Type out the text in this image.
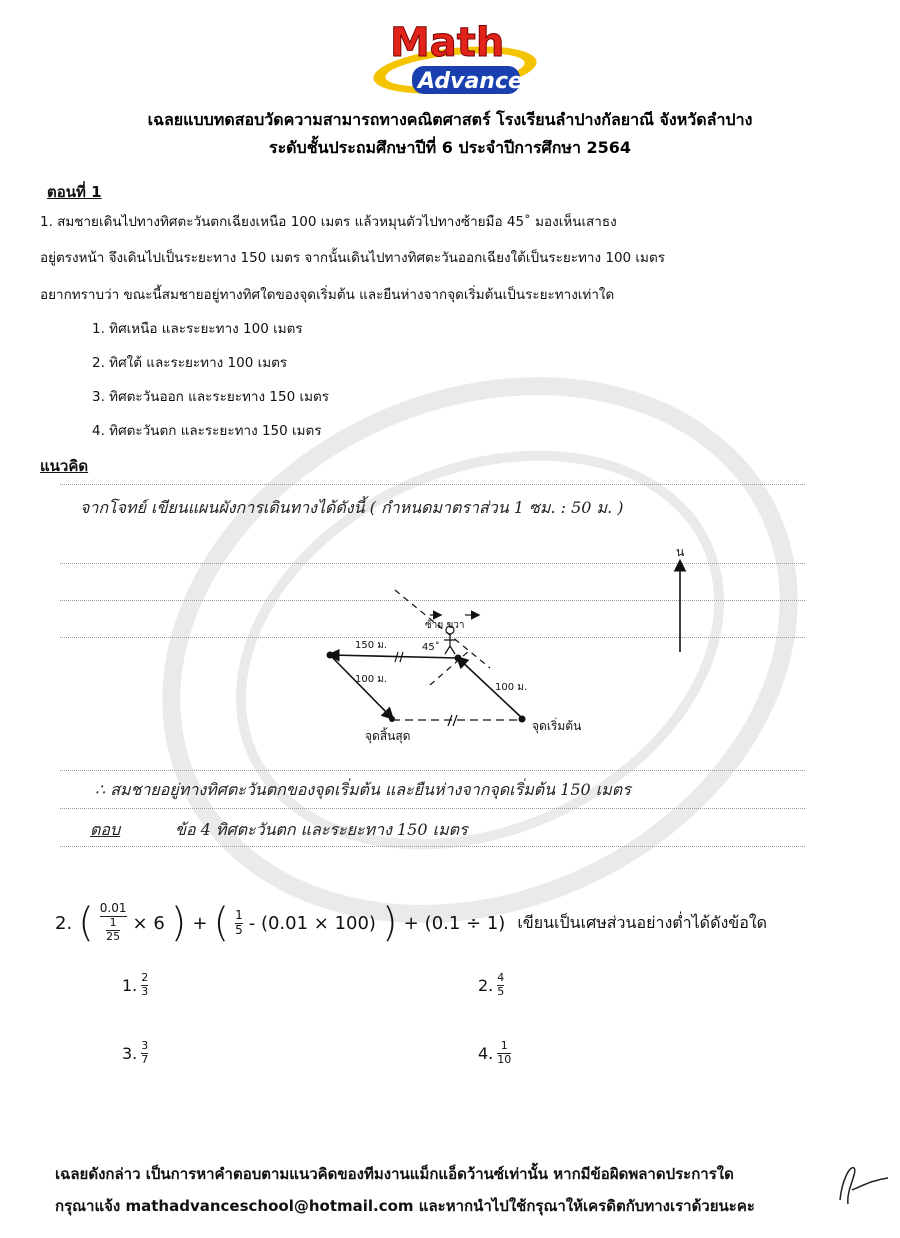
Math
Advance
เฉลยแบบทดสอบวัดความสามารถทางคณิตศาสตร์ โรงเรียนลำปางกัลยาณี จังหวัดลำปาง
ระดับชั้นประถมศึกษาปีที่ 6 ประจำปีการศึกษา 2564
ตอนที่ 1
1. สมชายเดินไปทางทิศตะวันตกเฉียงเหนือ 100 เมตร แล้วหมุนตัวไปทางซ้ายมือ 45˚ มองเห็นเสาธง
อยู่ตรงหน้า จึงเดินไปเป็นระยะทาง 150 เมตร จากนั้นเดินไปทางทิศตะวันออกเฉียงใต้เป็นระยะทาง 100 เมตร
อยากทราบว่า ขณะนี้สมชายอยู่ทางทิศใดของจุดเริ่มต้น และยืนห่างจากจุดเริ่มต้นเป็นระยะทางเท่าใด
1. ทิศเหนือ และระยะทาง 100 เมตร
2. ทิศใต้ และระยะทาง 100 เมตร
3. ทิศตะวันออก และระยะทาง 150 เมตร
4. ทิศตะวันตก และระยะทาง 150 เมตร
แนวคิด
จากโจทย์ เขียนแผนผังการเดินทางได้ดังนี้ ( กำหนดมาตราส่วน 1 ซม. : 50 ม. )
น
ซ้าย ขวา
45˚
150 ม.
100 ม.
100 ม.
จุดสิ้นสุด
จุดเริ่มต้น
∴ สมชายอยู่ทางทิศตะวันตกของจุดเริ่มต้น และยืนห่างจากจุดเริ่มต้น 150 เมตร
ตอบ	ข้อ 4 ทิศตะวันตก และระยะทาง 150 เมตร
2. ( $\frac{0.01}{\frac{1}{25}} \times 6$ ) + ( $\frac{1}{5} - (0.01 \times 100)$ ) + (0.1 ÷ 1) เขียนเป็นเศษส่วนอย่างต่ำได้ดังข้อใด
1. $\frac{2}{3}$	2. $\frac{4}{5}$
3. $\frac{3}{7}$	4. $\frac{1}{10}$
เฉลยดังกล่าว เป็นการหาคำตอบตามแนวคิดของทีมงานแม็กแอ็ดว้านซ์เท่านั้น หากมีข้อผิดพลาดประการใด
กรุณาแจ้ง mathadvanceschool@hotmail.com และหากนำไปใช้กรุณาให้เครดิตกับทางเราด้วยนะคะ
